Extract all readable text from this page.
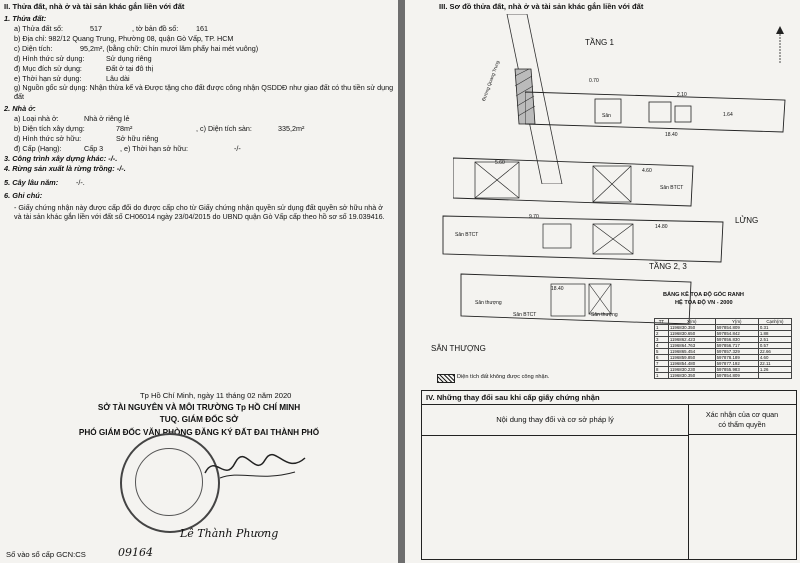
II. Thửa đất, nhà ở và tài sản khác gắn liền với đất
1. Thửa đất:
a) Thửa đất số:	517	, tờ bản đồ số: 161
b) Địa chỉ: 982/12 Quang Trung, Phường 08, quận Gò Vấp, TP. HCM
c) Diện tích:	95,2m², (bằng chữ: Chín mươi lăm phẩy hai mét vuông)
d) Hình thức sử dụng:	Sử dụng riêng
đ) Mục đích sử dụng:	Đất ở tại đô thị
e) Thời hạn sử dụng:	Lâu dài
g) Nguồn gốc sử dụng: Nhận thừa kế và Được tặng cho đất được công nhận QSDDĐ như giao đất có thu tiền sử dụng đất
2. Nhà ở:
a) Loại nhà ở:	Nhà ở riêng lẻ
b) Diện tích xây dựng:	78m²	, c) Diện tích sàn:	335,2m²
d) Hình thức sở hữu:	Sở hữu riêng
đ) Cấp (Hạng):	Cấp 3 , e) Thời hạn sở hữu:	-/-
3. Công trình xây dựng khác: -/-.
4. Rừng sản xuất là rừng trồng: -/-.
5. Cây lâu năm: -/-.
6. Ghi chú:
- Giấy chứng nhận này được cấp đổi do được cấp cho từ Giấy chứng nhận quyền sử dụng đất quyền sở hữu nhà ở và tài sản khác gắn liền với đất số CH06014 ngày 23/04/2015 do UBND quận Gò Vấp cấp theo hồ sơ số 19.039416.
Tp Hồ Chí Minh, ngày 11 tháng 02 năm 2020
SỞ TÀI NGUYÊN VÀ MÔI TRƯỜNG Tp HỒ CHÍ MINH
TUQ. GIÁM ĐỐC SỞ
PHÓ GIÁM ĐỐC VĂN PHÒNG ĐĂNG KÝ ĐẤT ĐAI THÀNH PHỐ
Lê Thành Phương
Số vào sổ cấp GCN:CS	09164
III. Sơ đồ thửa đất, nhà ở và tài sản khác gắn liền với đất
Đường Quang Trung
TẦNG 1
0.70
2.10
1.64
18.40
Sân
5.60
4.60
Sân BTCT
LỬNG
Sân BTCT
9.70
14.80
TẦNG 2, 3
18.40
Sân thượng
Sân BTCT	Sân thượng
SÂN THƯỢNG
BẢNG KÊ TỌA ĐỘ GÓC RANH
HỆ TỌA ĐỘ VN - 2000
TT	X(m)	Y(m)	Cạnh(m)
1	1196830.350	597854.809	0.31
2	1196830.650	597854.842	1.88
3	1196862.423	597856.830	2.51
4	1196864.763	597856.717	0.57
5	1196865.454	597857.329	22.66
6	1196859.850	597878.189	4.60
7	1196854.480	597877.192	22.11
8	1196830.230	597855.983	1.26
1	1196830.350	597854.809	
Diện tích đất không được công nhận.
IV. Những thay đổi sau khi cấp giấy chứng nhận
Nội dung thay đổi và cơ sở pháp lý
Xác nhận của cơ quan
có thẩm quyền
